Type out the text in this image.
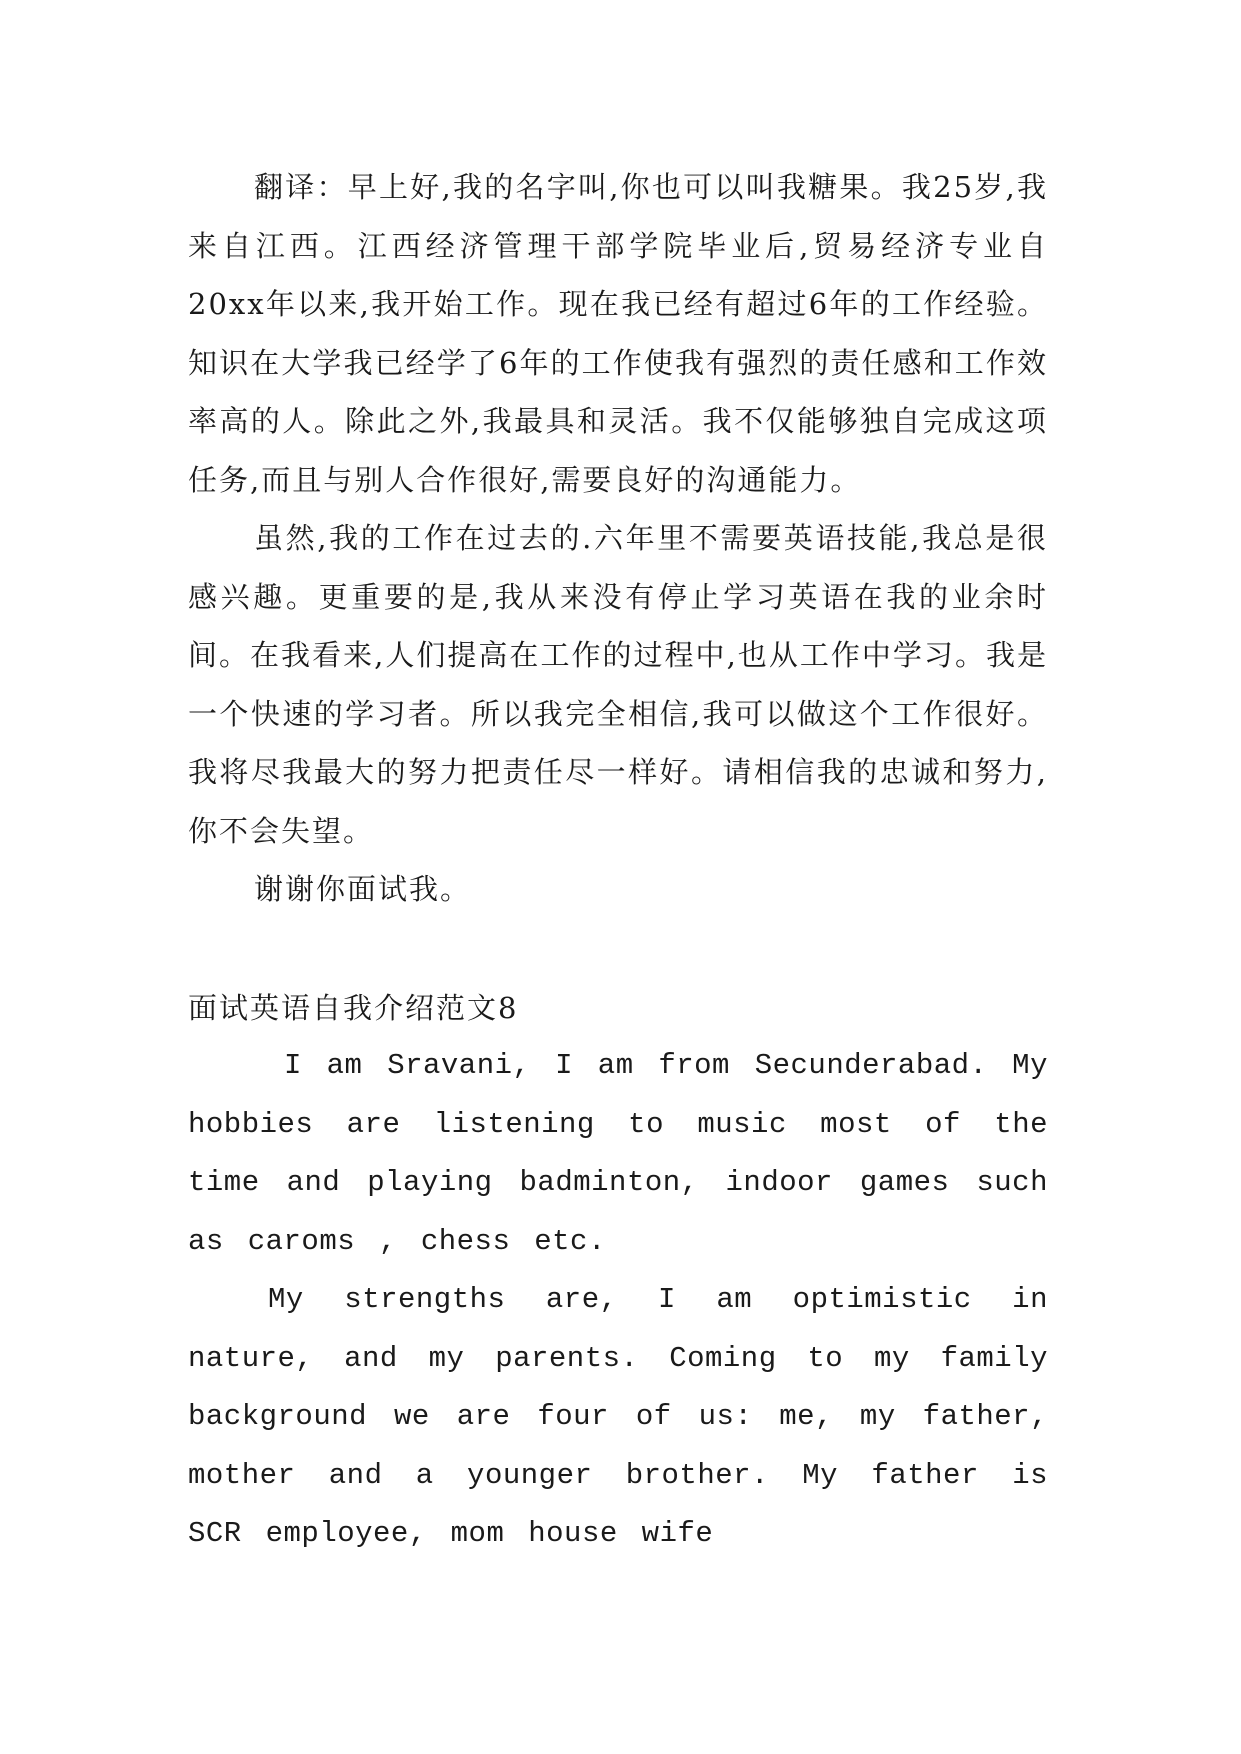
翻译：早上好,我的名字叫,你也可以叫我糖果。我25岁,我来自江西。江西经济管理干部学院毕业后,贸易经济专业自20xx年以来,我开始工作。现在我已经有超过6年的工作经验。知识在大学我已经学了6年的工作使我有强烈的责任感和工作效率高的人。除此之外,我最具和灵活。我不仅能够独自完成这项任务,而且与别人合作很好,需要良好的沟通能力。

虽然,我的工作在过去的.六年里不需要英语技能,我总是很感兴趣。更重要的是,我从来没有停止学习英语在我的业余时间。在我看来,人们提高在工作的过程中,也从工作中学习。我是一个快速的学习者。所以我完全相信,我可以做这个工作很好。我将尽我最大的努力把责任尽一样好。请相信我的忠诚和努力,你不会失望。

谢谢你面试我。

面试英语自我介绍范文8

I am Sravani, I am from Secunderabad. My hobbies are listening to music most of the time and playing badminton, indoor games such as caroms , chess etc.

My strengths are, I am optimistic in nature, and my parents. Coming to my family background we are four of us: me, my father, mother and a younger brother. My father is SCR employee, mom house wife
